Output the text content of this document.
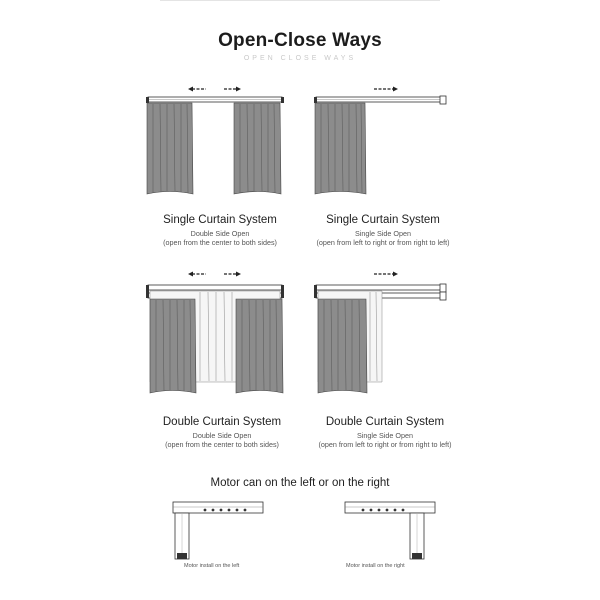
Open-Close Ways
OPEN CLOSE WAYS
Single Curtain System
Double Side Open
(open from the center to both sides)
Single Curtain System
Single Side Open
(open from left to right or from right to left)
Double Curtain System
Double Side Open
(open from the center to both sides)
Double Curtain System
Single Side Open
(open from left to right or from right to left)
Motor can on the left or on the right
Motor install on the left	Motor install on the right
